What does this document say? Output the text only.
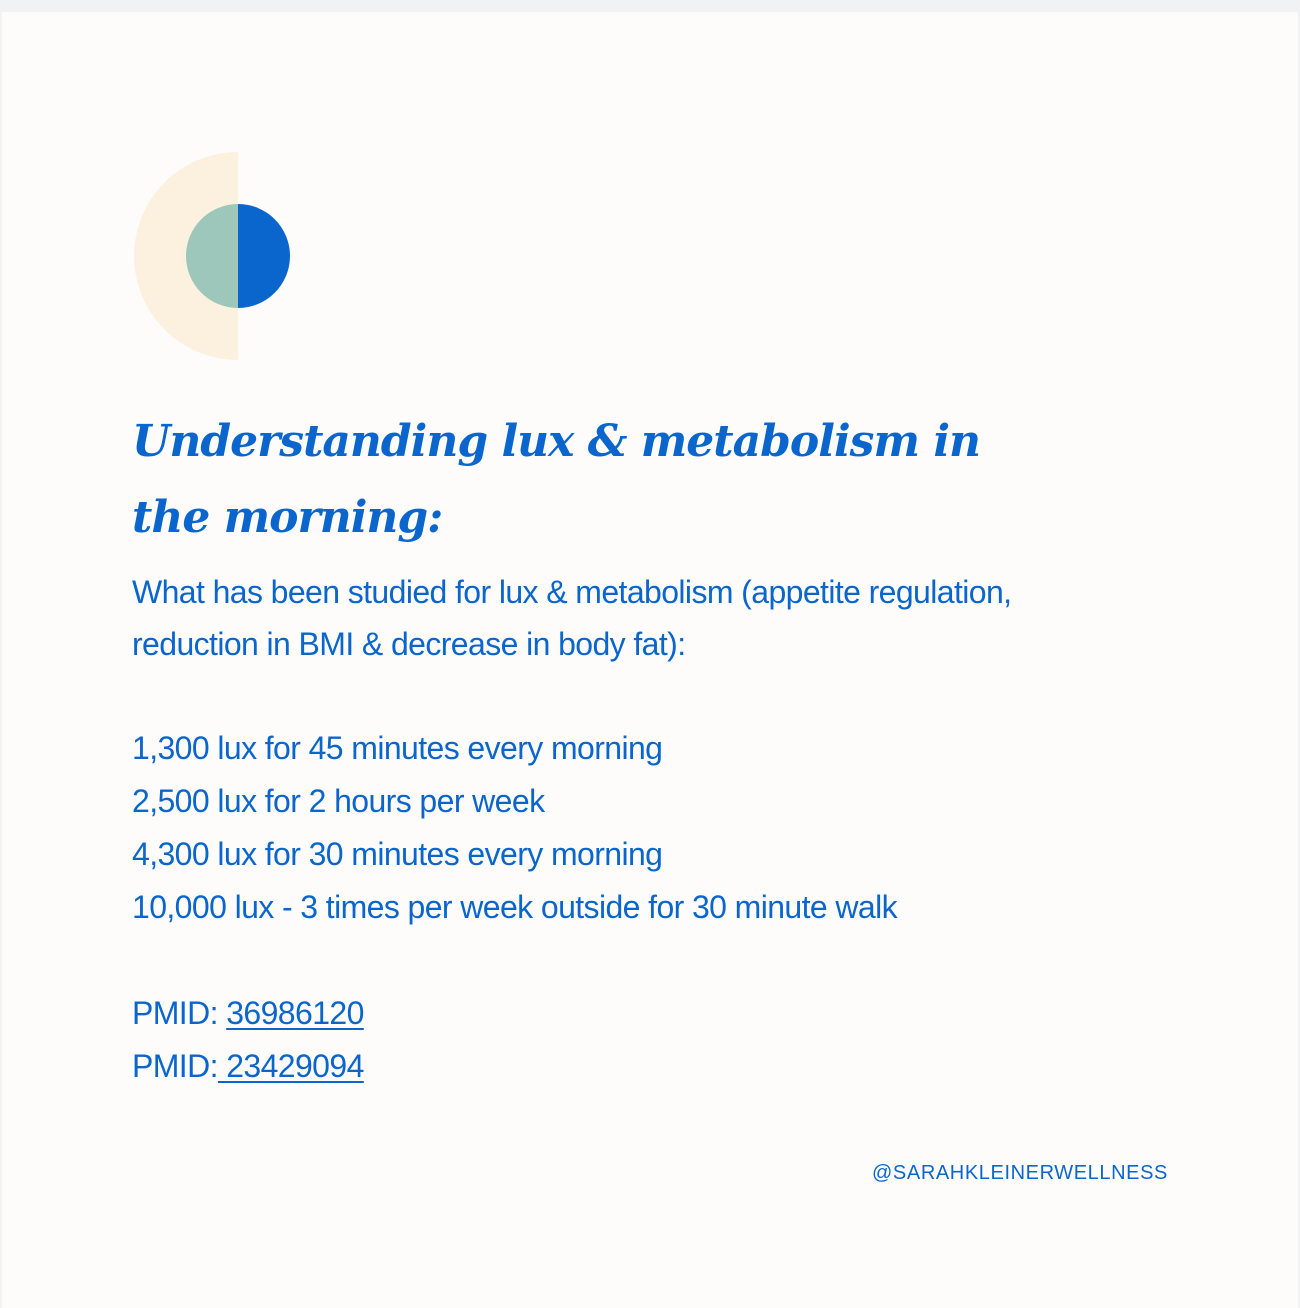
Understanding lux & metabolism in the morning:

What has been studied for lux & metabolism (appetite regulation, reduction in BMI & decrease in body fat):

1,300 lux for 45 minutes every morning
2,500 lux for 2 hours per week
4,300 lux for 30 minutes every morning
10,000 lux - 3 times per week outside for 30 minute walk
PMID: 36986120
PMID: 23429094
@SARAHKLEINERWELLNESS
